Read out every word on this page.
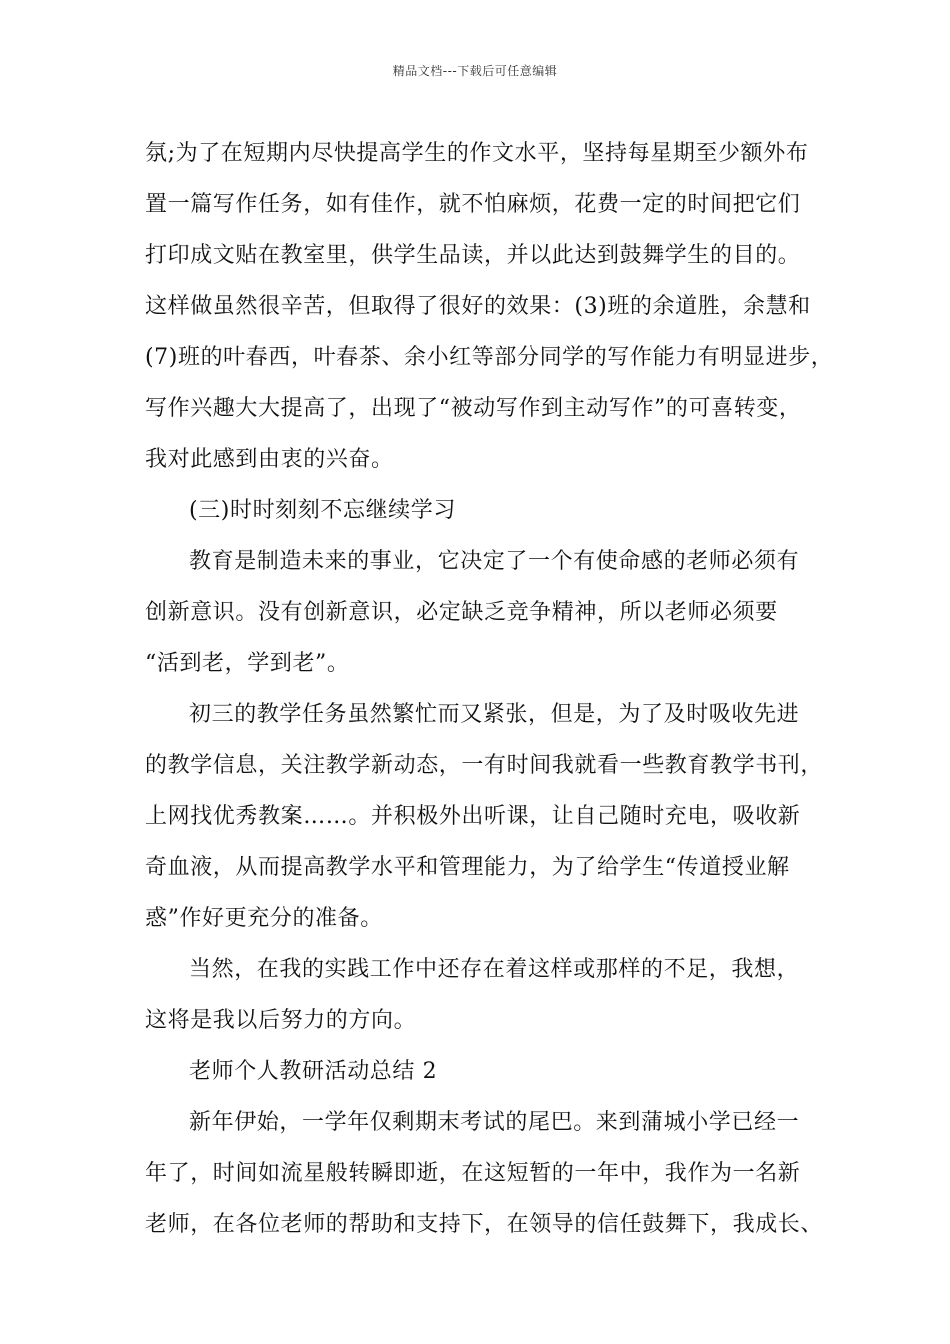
精品文档---下载后可任意编辑
氛;为了在短期内尽快提高学生的作文水平，坚持每星期至少额外布
置一篇写作任务，如有佳作，就不怕麻烦，花费一定的时间把它们
打印成文贴在教室里，供学生品读，并以此达到鼓舞学生的目的。
这样做虽然很辛苦，但取得了很好的效果：(3)班的余道胜，余慧和
(7)班的叶春西，叶春茶、余小红等部分同学的写作能力有明显进步，
写作兴趣大大提高了，出现了“被动写作到主动写作”的可喜转变，
我对此感到由衷的兴奋。
(三)时时刻刻不忘继续学习
教育是制造未来的事业，它决定了一个有使命感的老师必须有
创新意识。没有创新意识，必定缺乏竞争精神，所以老师必须要
“活到老，学到老”。
初三的教学任务虽然繁忙而又紧张，但是，为了及时吸收先进
的教学信息，关注教学新动态，一有时间我就看一些教育教学书刊，
上网找优秀教案……。并积极外出听课，让自己随时充电，吸收新
奇血液，从而提高教学水平和管理能力，为了给学生“传道授业解
惑”作好更充分的准备。
当然，在我的实践工作中还存在着这样或那样的不足，我想，
这将是我以后努力的方向。
老师个人教研活动总结 2
新年伊始，一学年仅剩期末考试的尾巴。来到蒲城小学已经一
年了，时间如流星般转瞬即逝，在这短暂的一年中，我作为一名新
老师，在各位老师的帮助和支持下，在领导的信任鼓舞下，我成长、
